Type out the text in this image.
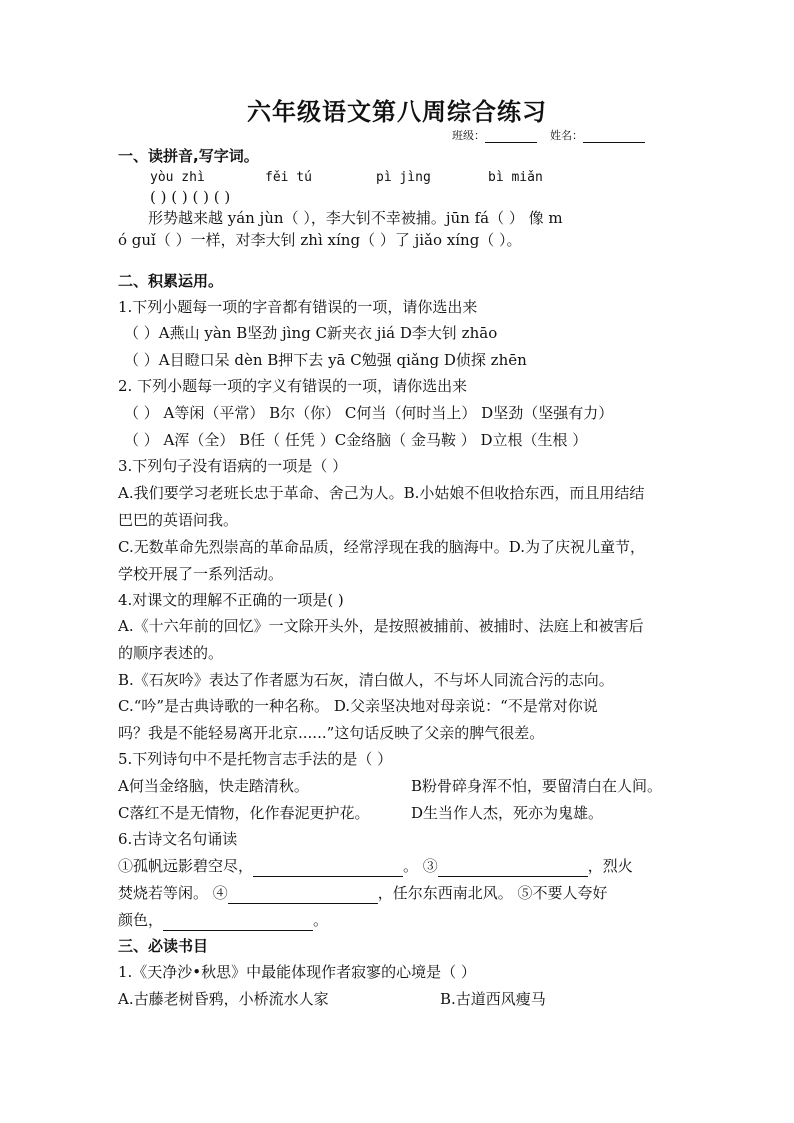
六年级语文第八周综合练习
班级：	姓名：
一、读拼音,写字词。
yòu zhì	fěi tú	pì jìng	bì miǎn
( ) ( ) ( ) ( )
形势越来越 yán jùn（ ），李大钊不幸被捕。jūn fá（ ） 像 m
ó guǐ（ ）一样，对李大钊 zhì xíng（ ）了 jiǎo xíng（ ）。
二、积累运用。
1.下列小题每一项的字音都有错误的一项，请你选出来
（ ）A燕山 yàn B坚劲 jìng C新夹衣 jiá D李大钊 zhāo
（ ）A目瞪口呆 dèn B押下去 yā C勉强 qiǎng D侦探 zhēn
2. 下列小题每一项的字义有错误的一项，请你选出来
（ ） A等闲（平常） B尔（你） C何当（何时当上） D坚劲（坚强有力）
（ ） A浑（全） B任（ 任凭 ）C金络脑（ 金马鞍 ） D立根（生根 ）
3.下列句子没有语病的一项是（ ）
A.我们要学习老班长忠于革命、舍己为人。B.小姑娘不但收拾东西，而且用结结
巴巴的英语问我。
C.无数革命先烈崇高的革命品质，经常浮现在我的脑海中。D.为了庆祝儿童节，
学校开展了一系列活动。
4.对课文的理解不正确的一项是( )
A.《十六年前的回忆》一文除开头外，是按照被捕前、被捕时、法庭上和被害后
的顺序表述的。
B.《石灰吟》表达了作者愿为石灰，清白做人，不与坏人同流合污的志向。
C.“吟”是古典诗歌的一种名称。 D.父亲坚决地对母亲说：“不是常对你说
吗？我是不能轻易离开北京......”这句话反映了父亲的脾气很差。
5.下列诗句中不是托物言志手法的是（ ）
A何当金络脑，快走踏清秋。	B粉骨碎身浑不怕，要留清白在人间。
C落红不是无情物，化作春泥更护花。	D生当作人杰，死亦为鬼雄。
6.古诗文名句诵读
①孤帆远影碧空尽，	。 ③	，烈火
焚烧若等闲。 ④	，任尔东西南北风。 ⑤不要人夸好
颜色，	。
三、必读书目
1.《天净沙•秋思》中最能体现作者寂寥的心境是（ ）
A.古藤老树昏鸦，小桥流水人家	B.古道西风瘦马
